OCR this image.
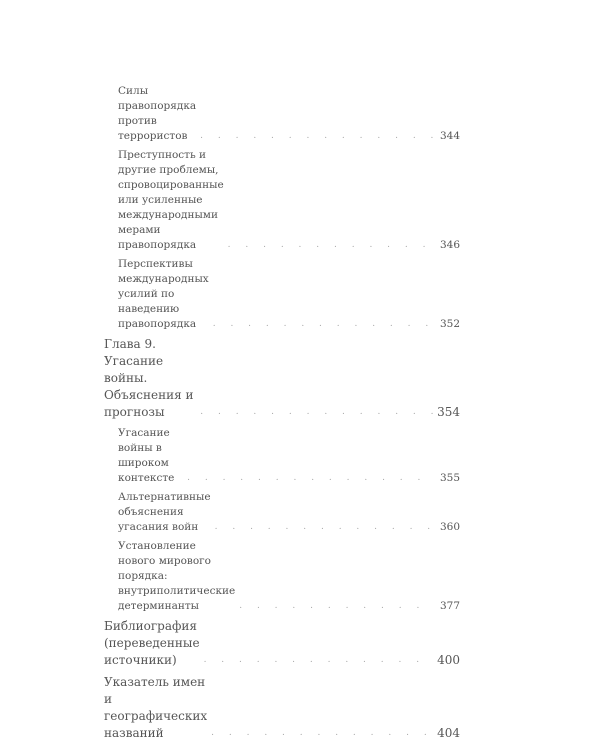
Силы правопорядка против террористов . . .	344
Преступность и другие проблемы, спровоцированные или усиленные международными мерами правопорядка . . .	346
Перспективы международных усилий по наведению правопорядка . . .	352
Глава 9. Угасание войны. Объяснения и прогнозы . . .	354
Угасание войны в широком контексте . . .	355
Альтернативные объяснения угасания войн . . .	360
Установление нового мирового порядка: внутриполитические детерминанты . . .	377
Библиография (переведенные источники) . . .	400
Указатель имен и географических названий . . .	404
